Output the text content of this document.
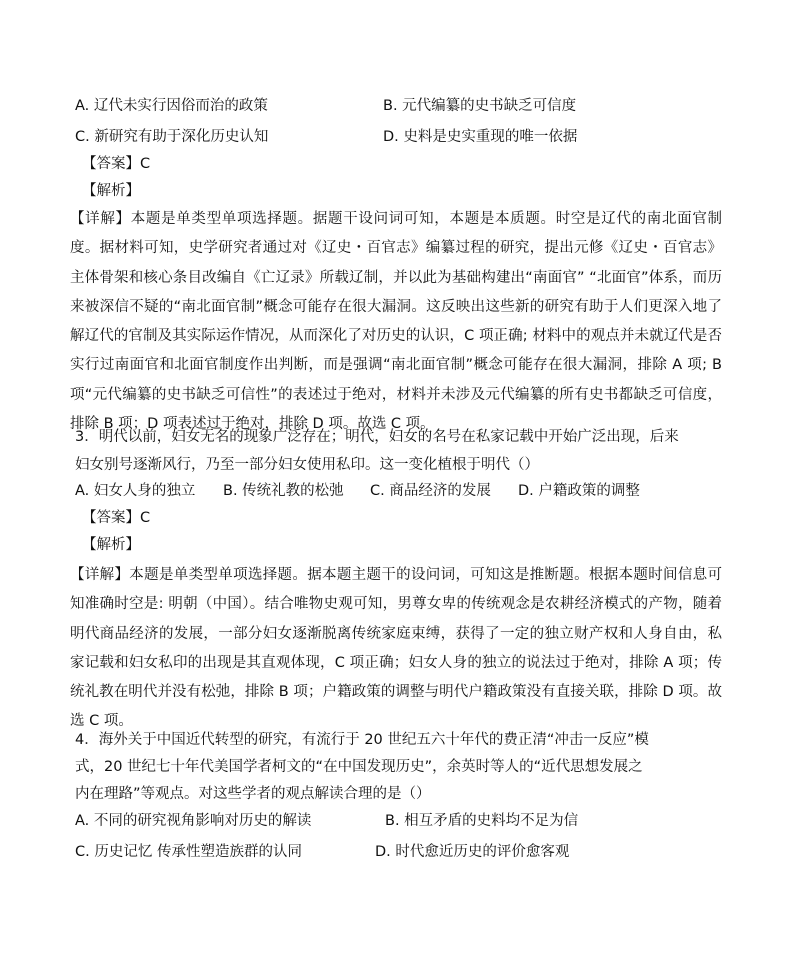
A. 辽代未实行因俗而治的政策	B. 元代编纂的史书缺乏可信度
C. 新研究有助于深化历史认知	D. 史料是史实重现的唯一依据
【答案】C
【解析】
【详解】本题是单类型单项选择题。据题干设问词可知，本题是本质题。时空是辽代的南北面官制度。据材料可知，史学研究者通过对《辽史・百官志》编纂过程的研究，提出元修《辽史・百官志》主体骨架和核心条目改编自《亡辽录》所载辽制，并以此为基础构建出“南面官” “北面官”体系，而历来被深信不疑的“南北面官制”概念可能存在很大漏洞。这反映出这些新的研究有助于人们更深入地了解辽代的官制及其实际运作情况，从而深化了对历史的认识，C 项正确; 材料中的观点并未就辽代是否实行过南面官和北面官制度作出判断，而是强调“南北面官制”概念可能存在很大漏洞，排除 A 项; B 项“元代编纂的史书缺乏可信性”的表述过于绝对，材料并未涉及元代编纂的所有史书都缺乏可信度，排除 B 项；D 项表述过于绝对，排除 D 项。故选 C 项。
3．明代以前，妇女无名的现象广泛存在；明代，妇女的名号在私家记载中开始广泛出现，后来
妇女别号逐渐风行，乃至一部分妇女使用私印。这一变化植根于明代（）
A. 妇女人身的独立 B. 传统礼教的松弛 C. 商品经济的发展 D. 户籍政策的调整
【答案】C
【解析】
【详解】本题是单类型单项选择题。据本题主题干的设问词，可知这是推断题。根据本题时间信息可知准确时空是: 明朝（中国）。结合唯物史观可知，男尊女卑的传统观念是农耕经济模式的产物，随着明代商品经济的发展，一部分妇女逐渐脱离传统家庭束缚，获得了一定的独立财产权和人身自由，私家记载和妇女私印的出现是其直观体现，C 项正确；妇女人身的独立的说法过于绝对，排除 A 项；传统礼教在明代并没有松弛，排除 B 项；户籍政策的调整与明代户籍政策没有直接关联，排除 D 项。故选 C 项。
4．海外关于中国近代转型的研究，有流行于 20 世纪五六十年代的费正清“冲击一反应”模
式，20 世纪七十年代美国学者柯文的“在中国发现历史”，余英时等人的“近代思想发展之
内在理路”等观点。对这些学者的观点解读合理的是（）
A. 不同的研究视角影响对历史的解读	B. 相互矛盾的史料均不足为信
C. 历史记忆 传承性塑造族群的认同	D. 时代愈近历史的评价愈客观
